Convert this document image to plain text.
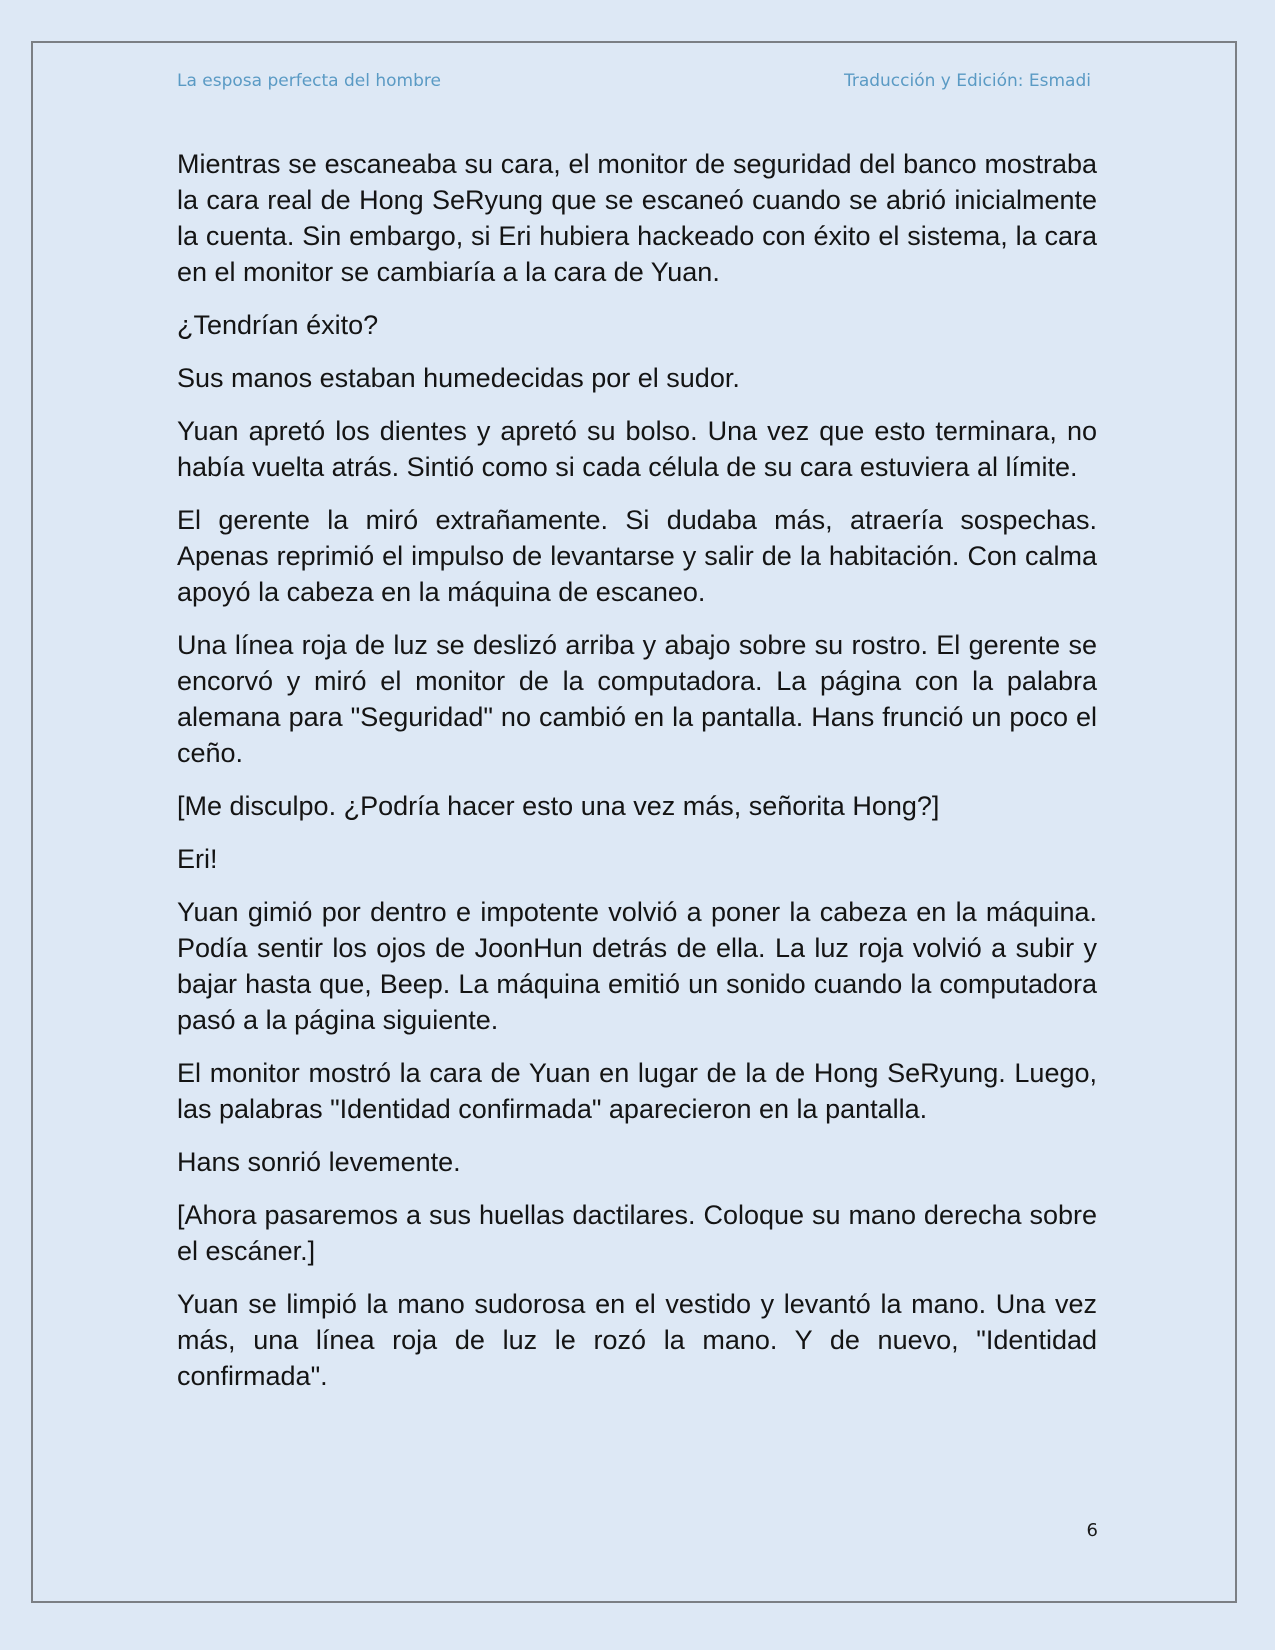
La esposa perfecta del hombre	Traducción y Edición: Esmadi

Mientras se escaneaba su cara, el monitor de seguridad del banco mostraba la cara real de Hong SeRyung que se escaneó cuando se abrió inicialmente la cuenta. Sin embargo, si Eri hubiera hackeado con éxito el sistema, la cara en el monitor se cambiaría a la cara de Yuan.

¿Tendrían éxito?

Sus manos estaban humedecidas por el sudor.

Yuan apretó los dientes y apretó su bolso. Una vez que esto terminara, no había vuelta atrás. Sintió como si cada célula de su cara estuviera al límite.

El gerente la miró extrañamente. Si dudaba más, atraería sospechas. Apenas reprimió el impulso de levantarse y salir de la habitación. Con calma apoyó la cabeza en la máquina de escaneo.

Una línea roja de luz se deslizó arriba y abajo sobre su rostro. El gerente se encorvó y miró el monitor de la computadora. La página con la palabra alemana para "Seguridad" no cambió en la pantalla. Hans frunció un poco el ceño.

[Me disculpo. ¿Podría hacer esto una vez más, señorita Hong?]

Eri!

Yuan gimió por dentro e impotente volvió a poner la cabeza en la máquina. Podía sentir los ojos de JoonHun detrás de ella. La luz roja volvió a subir y bajar hasta que, Beep. La máquina emitió un sonido cuando la computadora pasó a la página siguiente.

El monitor mostró la cara de Yuan en lugar de la de Hong SeRyung. Luego, las palabras "Identidad confirmada" aparecieron en la pantalla.

Hans sonrió levemente.

[Ahora pasaremos a sus huellas dactilares. Coloque su mano derecha sobre el escáner.]

Yuan se limpió la mano sudorosa en el vestido y levantó la mano. Una vez más, una línea roja de luz le rozó la mano. Y de nuevo, "Identidad confirmada".

6
